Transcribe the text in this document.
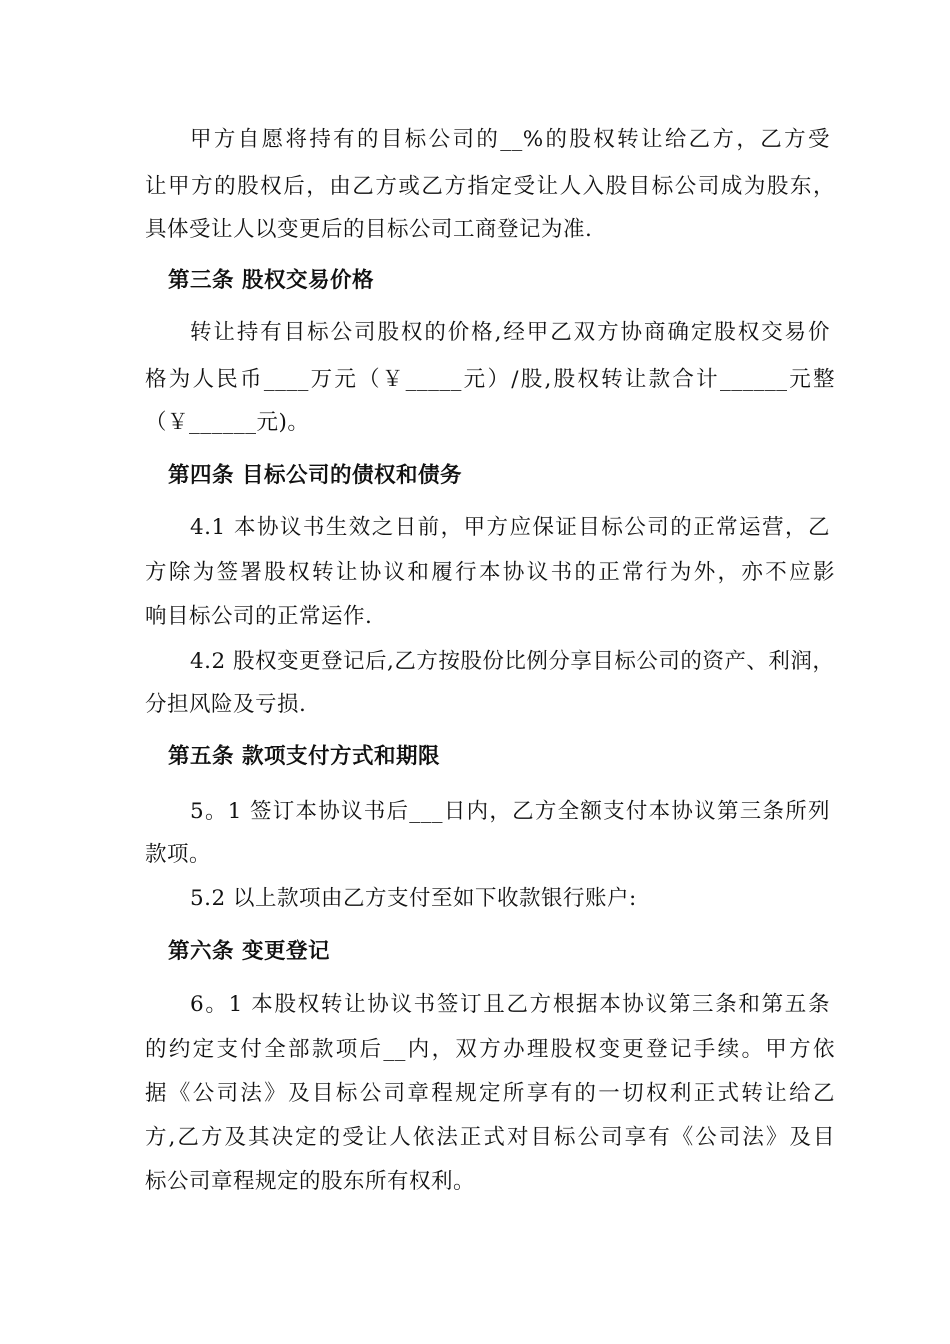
甲方自愿将持有的目标公司的__%的股权转让给乙方，乙方受
让甲方的股权后，由乙方或乙方指定受让人入股目标公司成为股东，
具体受让人以变更后的目标公司工商登记为准.
第三条 股权交易价格
转让持有目标公司股权的价格,经甲乙双方协商确定股权交易价
格为人民币____万元（￥_____元）/股,股权转让款合计______元整
（￥______元)。
第四条 目标公司的债权和债务
4.1 本协议书生效之日前，甲方应保证目标公司的正常运营，乙
方除为签署股权转让协议和履行本协议书的正常行为外，亦不应影
响目标公司的正常运作.
4.2 股权变更登记后,乙方按股份比例分享目标公司的资产、利润，
分担风险及亏损.
第五条 款项支付方式和期限
5。1 签订本协议书后___日内，乙方全额支付本协议第三条所列
款项。
5.2 以上款项由乙方支付至如下收款银行账户:
第六条 变更登记
6。1 本股权转让协议书签订且乙方根据本协议第三条和第五条
的约定支付全部款项后__内，双方办理股权变更登记手续。甲方依
据《公司法》及目标公司章程规定所享有的一切权利正式转让给乙
方,乙方及其决定的受让人依法正式对目标公司享有《公司法》及目
标公司章程规定的股东所有权利。
